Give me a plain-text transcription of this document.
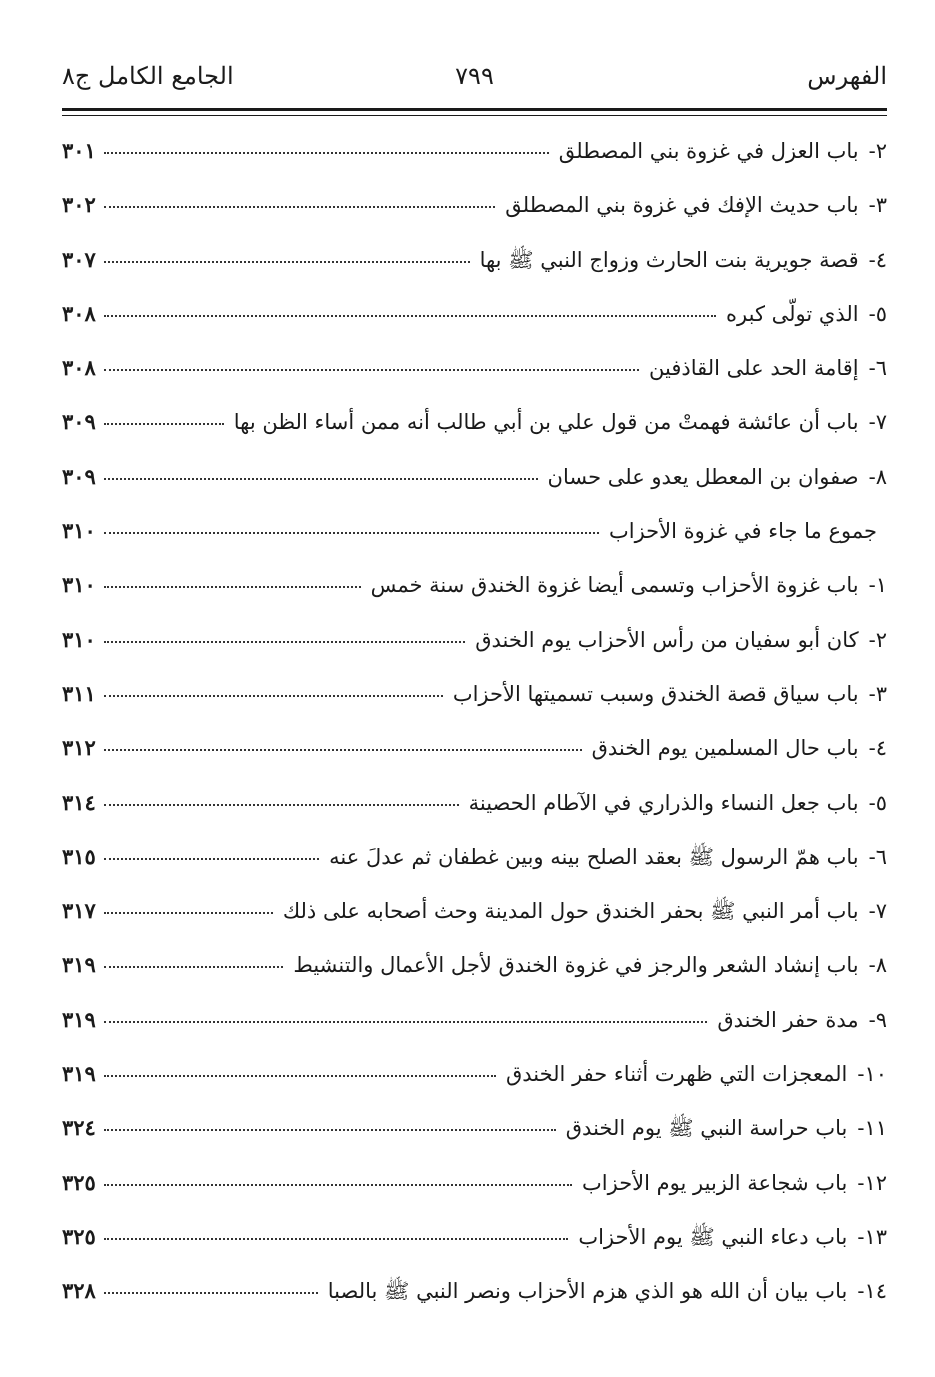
الفهرس
٧٩٩
الجامع الكامل ج٨
٢-
باب العزل في غزوة بني المصطلق
٣٠١
٣-
باب حديث الإفك في غزوة بني المصطلق
٣٠٢
٤-
قصة جويرية بنت الحارث وزواج النبي ﷺ بها
٣٠٧
٥-
الذي تولّى كبره
٣٠٨
٦-
إقامة الحد على القاذفين
٣٠٨
٧-
باب أن عائشة فهمتْ من قول علي بن أبي طالب أنه ممن أساء الظن بها
٣٠٩
٨-
صفوان بن المعطل يعدو على حسان
٣٠٩
جموع ما جاء في غزوة الأحزاب
٣١٠
١-
باب غزوة الأحزاب وتسمى أيضا غزوة الخندق سنة خمس
٣١٠
٢-
كان أبو سفيان من رأس الأحزاب يوم الخندق
٣١٠
٣-
باب سياق قصة الخندق وسبب تسميتها الأحزاب
٣١١
٤-
باب حال المسلمين يوم الخندق
٣١٢
٥-
باب جعل النساء والذراري في الآطام الحصينة
٣١٤
٦-
باب همّ الرسول ﷺ بعقد الصلح بينه وبين غطفان ثم عدلَ عنه
٣١٥
٧-
باب أمر النبي ﷺ بحفر الخندق حول المدينة وحث أصحابه على ذلك
٣١٧
٨-
باب إنشاد الشعر والرجز في غزوة الخندق لأجل الأعمال والتنشيط
٣١٩
٩-
مدة حفر الخندق
٣١٩
١٠-
المعجزات التي ظهرت أثناء حفر الخندق
٣١٩
١١-
باب حراسة النبي ﷺ يوم الخندق
٣٢٤
١٢-
باب شجاعة الزبير يوم الأحزاب
٣٢٥
١٣-
باب دعاء النبي ﷺ يوم الأحزاب
٣٢٥
١٤-
باب بيان أن الله هو الذي هزم الأحزاب ونصر النبي ﷺ بالصبا
٣٢٨
